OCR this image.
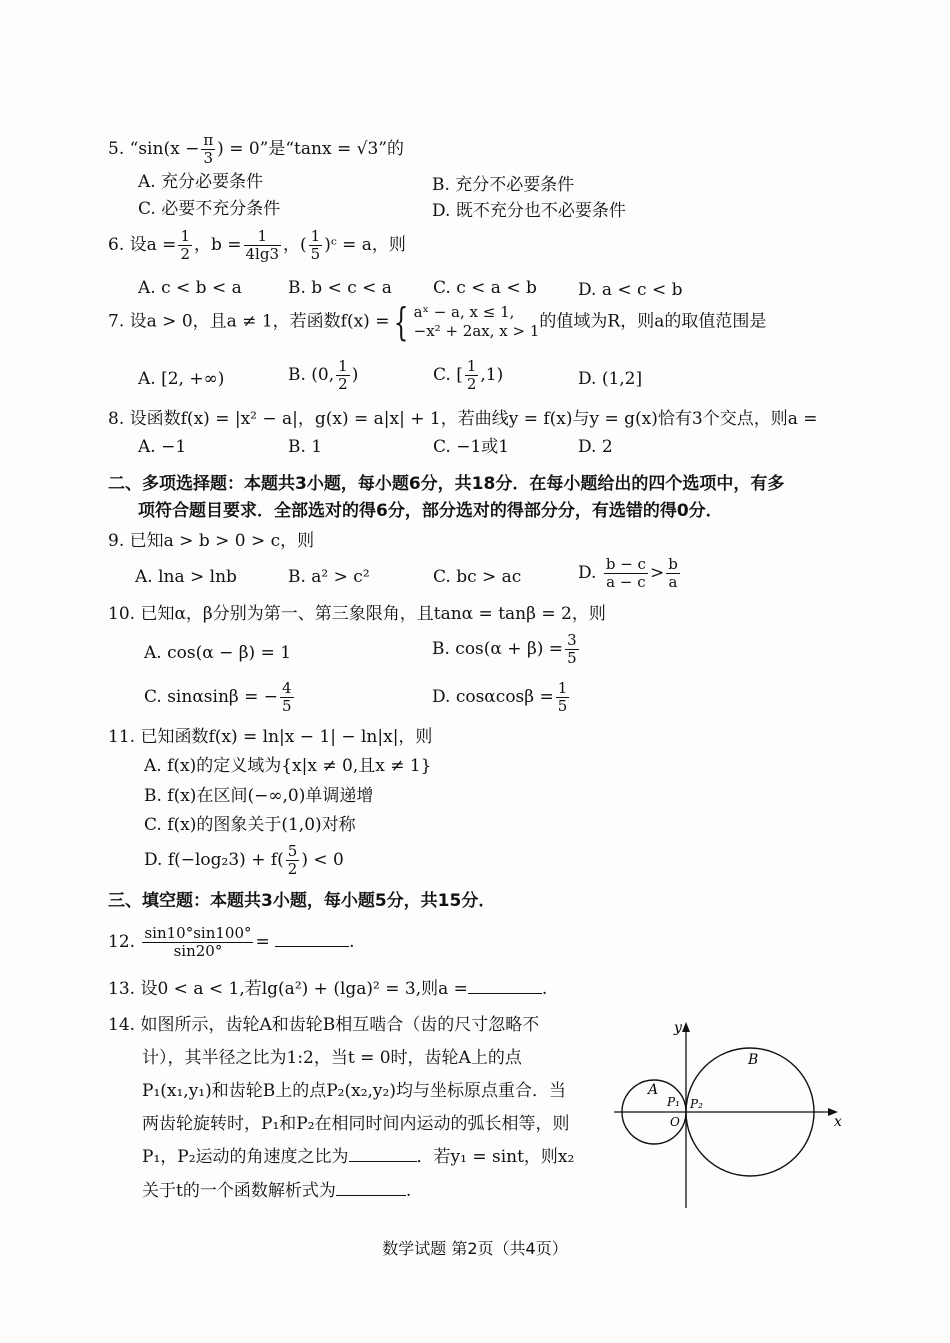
5. “$\sin(x - \frac{\pi}{3}$ ) = 0”是“tanx = √3”的
A. 充分必要条件	B. 充分不必要条件
C. 必要不充分条件	D. 既不充分也不必要条件
6. 设$a = \frac{1}{2}$ ，$b = \frac{1}{4\lg 3}$ ，( $\frac{1}{5}$ )ᶜ = a，则
A. c < b < a	B. b < c < a C. c < a < b D. a < c < b
7. 设a > 0，且a ≠ 1，若函数f(x) = { aˣ − a, x ≤ 1,
−x² + 2ax, x > 1 的值域为R，则a的取值范围是
A. [2, +∞)	B. (0, $\frac{1}{2}$ )	C. [ $\frac{1}{2} ,1$)	D. (1,2]
8. 设函数f(x) = |x² − a|，g(x) = a|x| + 1，若曲线y = f(x)与y = g(x)恰有3个交点，则a =
A. −1	B. 1	C. −1或1	D. 2
二、多项选择题：本题共3小题，每小题6分，共18分．在每小题给出的四个选项中，有多
项符合题目要求．全部选对的得6分，部分选对的得部分分，有选错的得0分．
9. 已知a > b > 0 > c，则
A. lna > lnb	B. a² > c²	C. bc > ac	D. $\frac{b - c}{a - c} > \frac{b}{a}$
10. 已知α，β分别为第一、第三象限角，且tanα = tanβ = 2，则
A. cos(α − β) = 1	B. $\cos(\alpha + \beta) = \frac{3}{5}$
C. sinαsinβ = − $\frac{4}{5}$	D. $\cos\alpha\cos\beta = \frac{1}{5}$
11. 已知函数f(x) = ln|x − 1| − ln|x|，则
A. f(x)的定义域为{x|x ≠ 0,且x ≠ 1}
B. f(x)在区间(−∞,0)单调递增
C. f(x)的图象关于(1,0)对称
D. $f(-\log_23) + f( \frac{5}{2}$ ) < 0
三、填空题：本题共3小题，每小题5分，共15分．
12. $\frac{\sin 10^\circ\sin 100^\circ}{\sin 20^\circ}$ =	.
13. 设0 < a < 1,若lg(a²) + (lga)² = 3,则a =	.
14. 如图所示，齿轮A和齿轮B相互啮合（齿的尺寸忽略不
计），其半径之比为1:2，当t = 0时，齿轮A上的点
P₁(x₁,y₁)和齿轮B上的点P₂(x₂,y₂)均与坐标原点重合．当
两齿轮旋转时，P₁和P₂在相同时间内运动的弧长相等，则
P₁，P₂运动的角速度之比为	．若y₁ = sint，则x₂
关于t的一个函数解析式为	.
y
x
A
B
P₁ P₂
O
数学试题 第2页（共4页）
